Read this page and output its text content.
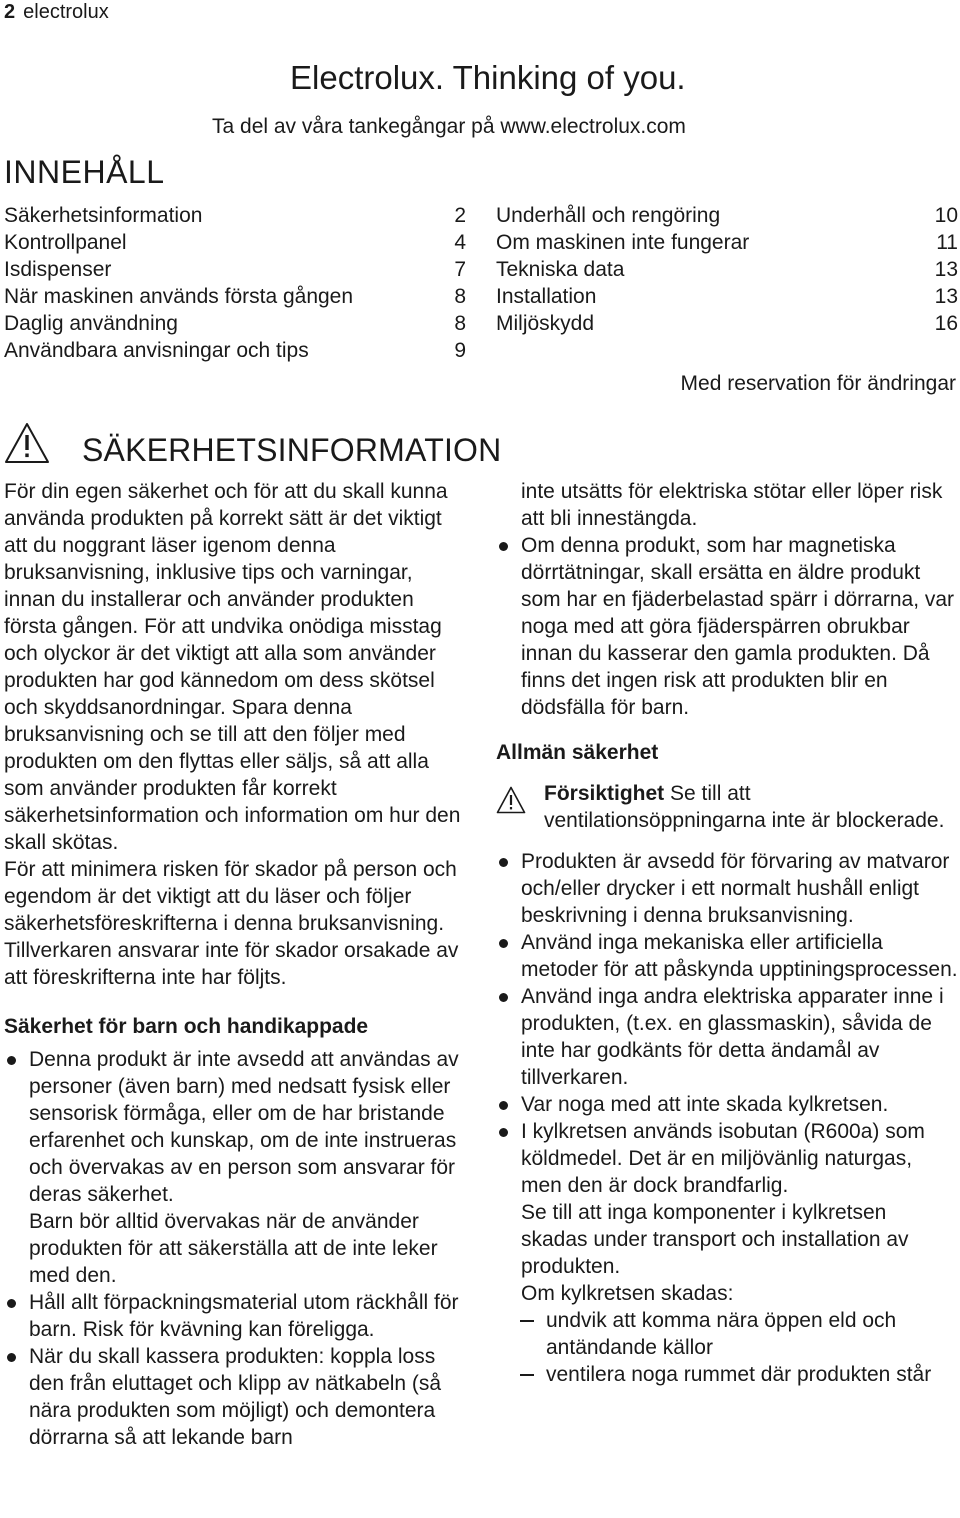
2 electrolux
Electrolux. Thinking of you.
Ta del av våra tankegångar på www.electrolux.com
INNEHÅLL
Säkerhetsinformation	2
Kontrollpanel	4
Isdispenser	7
När maskinen används första gången	8
Daglig användning	8
Användbara anvisningar och tips	9
Underhåll och rengöring	10
Om maskinen inte fungerar	11
Tekniska data	13
Installation	13
Miljöskydd	16
Med reservation för ändringar
SÄKERHETSINFORMATION

För din egen säkerhet och för att du skall kunna använda produkten på korrekt sätt är det viktigt att du noggrant läser igenom denna bruksanvisning, inklusive tips och varningar, innan du installerar och använder produkten första gången. För att undvika onödiga misstag och olyckor är det viktigt att alla som använder produkten har god kännedom om dess skötsel och skyddsanordningar. Spara denna bruksanvisning och se till att den följer med produkten om den flyttas eller säljs, så att alla som använder produkten får korrekt säkerhetsinformation och information om hur den skall skötas.

För att minimera risken för skador på person och egendom är det viktigt att du läser och följer säkerhetsföreskrifterna i denna bruksanvisning. Tillverkaren ansvarar inte för skador orsakade av att föreskrifterna inte har följts.

Säkerhet för barn och handikappade

Denna produkt är inte avsedd att användas av personer (även barn) med nedsatt fysisk eller sensorisk förmåga, eller om de har bristande erfarenhet och kunskap, om de inte instrueras och övervakas av en person som ansvarar för deras säkerhet.
Barn bör alltid övervakas när de använder produkten för att säkerställa att de inte leker med den.
Håll allt förpackningsmaterial utom räckhåll för barn. Risk för kvävning kan föreligga.
När du skall kassera produkten: koppla loss den från eluttaget och klipp av nätkabeln (så nära produkten som möjligt) och demontera dörrarna så att lekande barn
inte utsätts för elektriska stötar eller löper risk att bli innestängda.
Om denna produkt, som har magnetiska dörrtätningar, skall ersätta en äldre produkt som har en fjäderbelastad spärr i dörrarna, var noga med att göra fjäderspärren obrukbar innan du kasserar den gamla produkten. Då finns det ingen risk att produkten blir en dödsfälla för barn.

Allmän säkerhet

Försiktighet Se till att ventilationsöppningarna inte är blockerade.
Produkten är avsedd för förvaring av matvaror och/eller drycker i ett normalt hushåll enligt beskrivning i denna bruksanvisning.
Använd inga mekaniska eller artificiella metoder för att påskynda upptiningsprocessen.
Använd inga andra elektriska apparater inne i produkten, (t.ex. en glassmaskin), såvida de inte har godkänts för detta ändamål av tillverkaren.
Var noga med att inte skada kylkretsen.
I kylkretsen används isobutan (R600a) som köldmedel. Det är en miljövänlig naturgas, men den är dock brandfarlig.
Se till att inga komponenter i kylkretsen skadas under transport och installation av produkten.
Om kylkretsen skadas:
undvik att komma nära öppen eld och antändande källor
ventilera noga rummet där produkten står
